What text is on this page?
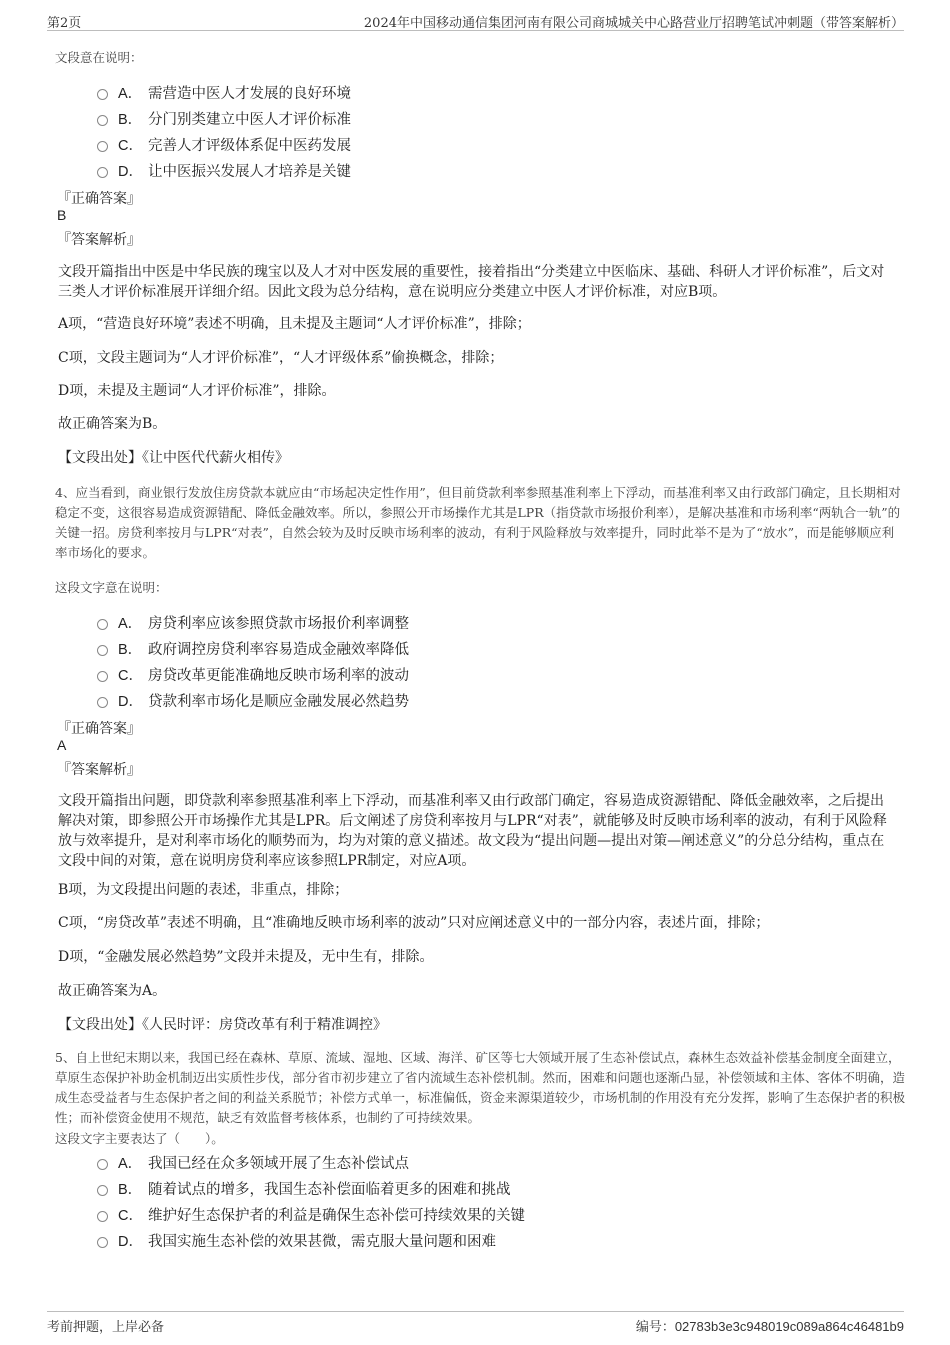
第2页	2024年中国移动通信集团河南有限公司商城城关中心路营业厅招聘笔试冲刺题（带答案解析）
文段意在说明：
A． 需营造中医人才发展的良好环境
B． 分门别类建立中医人才评价标准
C． 完善人才评级体系促中医药发展
D． 让中医振兴发展人才培养是关键
『正确答案』
B
『答案解析』
文段开篇指出中医是中华民族的瑰宝以及人才对中医发展的重要性，接着指出“分类建立中医临床、基础、科研人才评价标准”，后文对三类人才评价标准展开详细介绍。因此文段为总分结构，意在说明应分类建立中医人才评价标准，对应B项。
A项，“营造良好环境”表述不明确，且未提及主题词“人才评价标准”，排除；
C项，文段主题词为“人才评价标准”，“人才评级体系”偷换概念，排除；
D项，未提及主题词“人才评价标准”，排除。
故正确答案为B。
【文段出处】《让中医代代薪火相传》
4、应当看到，商业银行发放住房贷款本就应由“市场起决定性作用”，但目前贷款利率参照基准利率上下浮动，而基准利率又由行政部门确定，且长期相对稳定不变，这很容易造成资源错配、降低金融效率。所以，参照公开市场操作尤其是LPR（指贷款市场报价利率），是解决基准和市场利率“两轨合一轨”的关键一招。房贷利率按月与LPR“对表”，自然会较为及时反映市场利率的波动，有利于风险释放与效率提升，同时此举不是为了“放水”，而是能够顺应利率市场化的要求。
这段文字意在说明：
A． 房贷利率应该参照贷款市场报价利率调整
B． 政府调控房贷利率容易造成金融效率降低
C． 房贷改革更能准确地反映市场利率的波动
D． 贷款利率市场化是顺应金融发展必然趋势
『正确答案』
A
『答案解析』
文段开篇指出问题，即贷款利率参照基准利率上下浮动，而基准利率又由行政部门确定，容易造成资源错配、降低金融效率，之后提出解决对策，即参照公开市场操作尤其是LPR。后文阐述了房贷利率按月与LPR“对表”，就能够及时反映市场利率的波动，有利于风险释放与效率提升，是对利率市场化的顺势而为，均为对策的意义描述。故文段为“提出问题—提出对策—阐述意义”的分总分结构，重点在文段中间的对策，意在说明房贷利率应该参照LPR制定，对应A项。
B项，为文段提出问题的表述，非重点，排除；
C项，“房贷改革”表述不明确，且“准确地反映市场利率的波动”只对应阐述意义中的一部分内容，表述片面，排除；
D项，“金融发展必然趋势”文段并未提及，无中生有，排除。
故正确答案为A。
【文段出处】《人民时评：房贷改革有利于精准调控》
5、自上世纪末期以来，我国已经在森林、草原、流域、湿地、区域、海洋、矿区等七大领域开展了生态补偿试点，森林生态效益补偿基金制度全面建立，草原生态保护补助金机制迈出实质性步伐，部分省市初步建立了省内流域生态补偿机制。然而，困难和问题也逐渐凸显，补偿领域和主体、客体不明确，造成生态受益者与生态保护者之间的利益关系脱节；补偿方式单一，标准偏低，资金来源渠道较少，市场机制的作用没有充分发挥，影响了生态保护者的积极性；而补偿资金使用不规范，缺乏有效监督考核体系，也制约了可持续效果。
这段文字主要表达了（　　）。
A． 我国已经在众多领域开展了生态补偿试点
B． 随着试点的增多，我国生态补偿面临着更多的困难和挑战
C． 维护好生态保护者的利益是确保生态补偿可持续效果的关键
D． 我国实施生态补偿的效果甚微，需克服大量问题和困难
考前押题，上岸必备	编号：02783b3e3c948019c089a864c46481b9
